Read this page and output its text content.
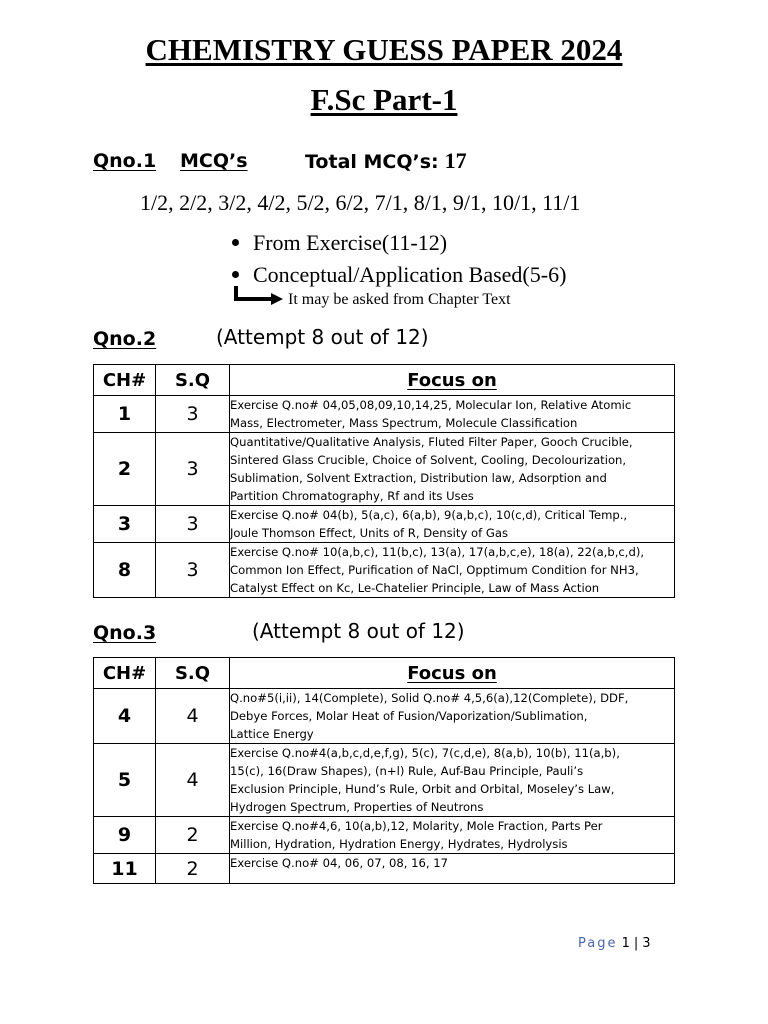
CHEMISTRY GUESS PAPER 2024
F.Sc Part-1
Qno.1 MCQ’s	Total MCQ’s: 17
1/2, 2/2, 3/2, 4/2, 5/2, 6/2, 7/1, 8/1, 9/1, 10/1, 11/1
From Exercise(11-12)
Conceptual/Application Based(5-6)
It may be asked from Chapter Text
Qno.2	(Attempt 8 out of 12)
CH#	S.Q	Focus on
1	3	Exercise Q.no# 04,05,08,09,10,14,25, Molecular Ion, Relative Atomic
Mass, Electrometer, Mass Spectrum, Molecule Classification

2	3	Quantitative/Qualitative Analysis, Fluted Filter Paper, Gooch Crucible,
Sintered Glass Crucible, Choice of Solvent, Cooling, Decolourization,
Sublimation, Solvent Extraction, Distribution law, Adsorption and
Partition Chromatography, Rf and its Uses

3	3	Exercise Q.no# 04(b), 5(a,c), 6(a,b), 9(a,b,c), 10(c,d), Critical Temp.,
Joule Thomson Effect, Units of R, Density of Gas

8	3	Exercise Q.no# 10(a,b,c), 11(b,c), 13(a), 17(a,b,c,e), 18(a), 22(a,b,c,d),
Common Ion Effect, Purification of NaCl, Opptimum Condition for NH3,
Catalyst Effect on Kc, Le-Chatelier Principle, Law of Mass Action
Qno.3	(Attempt 8 out of 12)
CH#	S.Q	Focus on
4	4	Q.no#5(i,ii), 14(Complete), Solid Q.no# 4,5,6(a),12(Complete), DDF,
Debye Forces, Molar Heat of Fusion/Vaporization/Sublimation,
Lattice Energy

5	4	Exercise Q.no#4(a,b,c,d,e,f,g), 5(c), 7(c,d,e), 8(a,b), 10(b), 11(a,b),
15(c), 16(Draw Shapes), (n+l) Rule, Auf-Bau Principle, Pauli’s
Exclusion Principle, Hund’s Rule, Orbit and Orbital, Moseley’s Law,
Hydrogen Spectrum, Properties of Neutrons

9	2	Exercise Q.no#4,6, 10(a,b),12, Molarity, Mole Fraction, Parts Per
Million, Hydration, Hydration Energy, Hydrates, Hydrolysis

11	2	Exercise Q.no# 04, 06, 07, 08, 16, 17
Page 1 | 3
